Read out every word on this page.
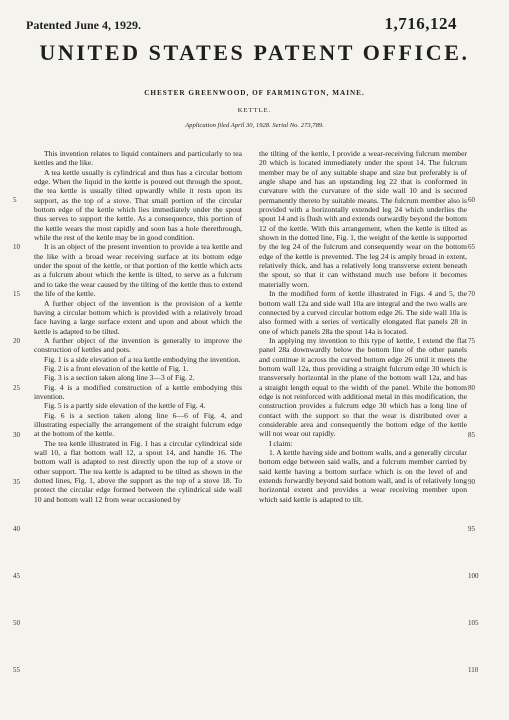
Patented June 4, 1929.	1,716,124
UNITED STATES PATENT OFFICE.
CHESTER GREENWOOD, OF FARMINGTON, MAINE.
KETTLE.
Application filed April 30, 1928. Serial No. 273,789.

This invention relates to liquid containers and particularly to tea kettles and the like.

A tea kettle usually is cylindrical and thus has a circular bottom edge. When the liquid in the kettle is poured out through the spout, the tea kettle is usually tilted upwardly while it rests upon its support, as the top of a stove. That small portion of the circular bottom edge of the kettle which lies immediately under the spout thus serves to support the kettle. As a consequence, this portion of the kettle wears the most rapidly and soon has a hole therethrough, while the rest of the kettle may be in good condition.

It is an object of the present invention to provide a tea kettle and the like with a broad wear receiving surface at its bottom edge under the spout of the kettle, or that portion of the kettle which acts as a fulcrum about which the kettle is tilted, to serve as a fulcrum and to take the wear caused by the tilting of the kettle thus to extend the life of the kettle.

A further object of the invention is the provision of a kettle having a circular bottom which is provided with a relatively broad face having a large surface extent and upon and about which the kettle is adapted to be tilted.

A further object of the invention is generally to improve the construction of kettles and pots.

Fig. 1 is a side elevation of a tea kettle embodying the invention.

Fig. 2 is a front elevation of the kettle of Fig. 1.

Fig. 3 is a section taken along line 3—3 of Fig. 2.

Fig. 4 is a modified construction of a kettle embodying this invention.

Fig. 5 is a partly side elevation of the kettle of Fig. 4.

Fig. 6 is a section taken along line 6—6 of Fig. 4, and illustrating especially the arrangement of the straight fulcrum edge at the bottom of the kettle.

The tea kettle illustrated in Fig. 1 has a circular cylindrical side wall 10, a flat bottom wall 12, a spout 14, and handle 16. The bottom wall is adapted to rest directly upon the top of a stove or other support. The tea kettle is adapted to be tilted as shown in the dotted lines, Fig. 1, above the support as the top of a stove 18. To protect the circular edge formed between the cylindrical side wall 10 and bottom wall 12 from wear occasioned by

the tilting of the kettle, I provide a wear-receiving fulcrum member 20 which is located immediately under the spout 14. The fulcrum member may be of any suitable shape and size but preferably is of angle shape and has an upstanding leg 22 that is conformed in curvature with the curvature of the side wall 10 and is secured permanently thereto by suitable means. The fulcrum member also is provided with a horizontally extended leg 24 which underlies the spout 14 and is flush with and extends outwardly beyond the bottom 12 of the kettle. With this arrangement, when the kettle is tilted as shown in the dotted line, Fig. 1, the weight of the kettle is supported by the leg 24 of the fulcrum and consequently wear on the bottom edge of the kettle is prevented. The leg 24 is amply broad in extent, relatively thick, and has a relatively long transverse extent beneath the spout, so that it can withstand much use before it becomes materially worn.

In the modified form of kettle illustrated in Figs. 4 and 5, the bottom wall 12a and side wall 10a are integral and the two walls are connected by a curved circular bottom edge 26. The side wall 10a is also formed with a series of vertically elongated flat panels 28 in one of which panels 28a the spout 14a is located.

In applying my invention to this type of kettle, I extend the flat panel 28a downwardly below the bottom line of the other panels and continue it across the curved bottom edge 26 until it meets the bottom wall 12a, thus providing a straight fulcrum edge 30 which is transversely horizontal in the plane of the bottom wall 12a, and has a straight length equal to the width of the panel. While the bottom edge is not reinforced with additional metal in this modification, the construction provides a fulcrum edge 30 which has a long line of contact with the support so that the wear is distributed over a considerable area and consequently the bottom edge of the kettle will not wear out rapidly.

I claim:

1. A kettle having side and bottom walls, and a generally circular bottom edge between said walls, and a fulcrum member carried by said kettle having a bottom surface which is on the level of and extends forwardly beyond said bottom wall, and is of relatively long horizontal extent and provides a wear receiving member upon which said kettle is adapted to tilt.

5
10
15
20
25
30
35
40
45
50
55
60
65
70
75
80
85
90
95
100
105
110
